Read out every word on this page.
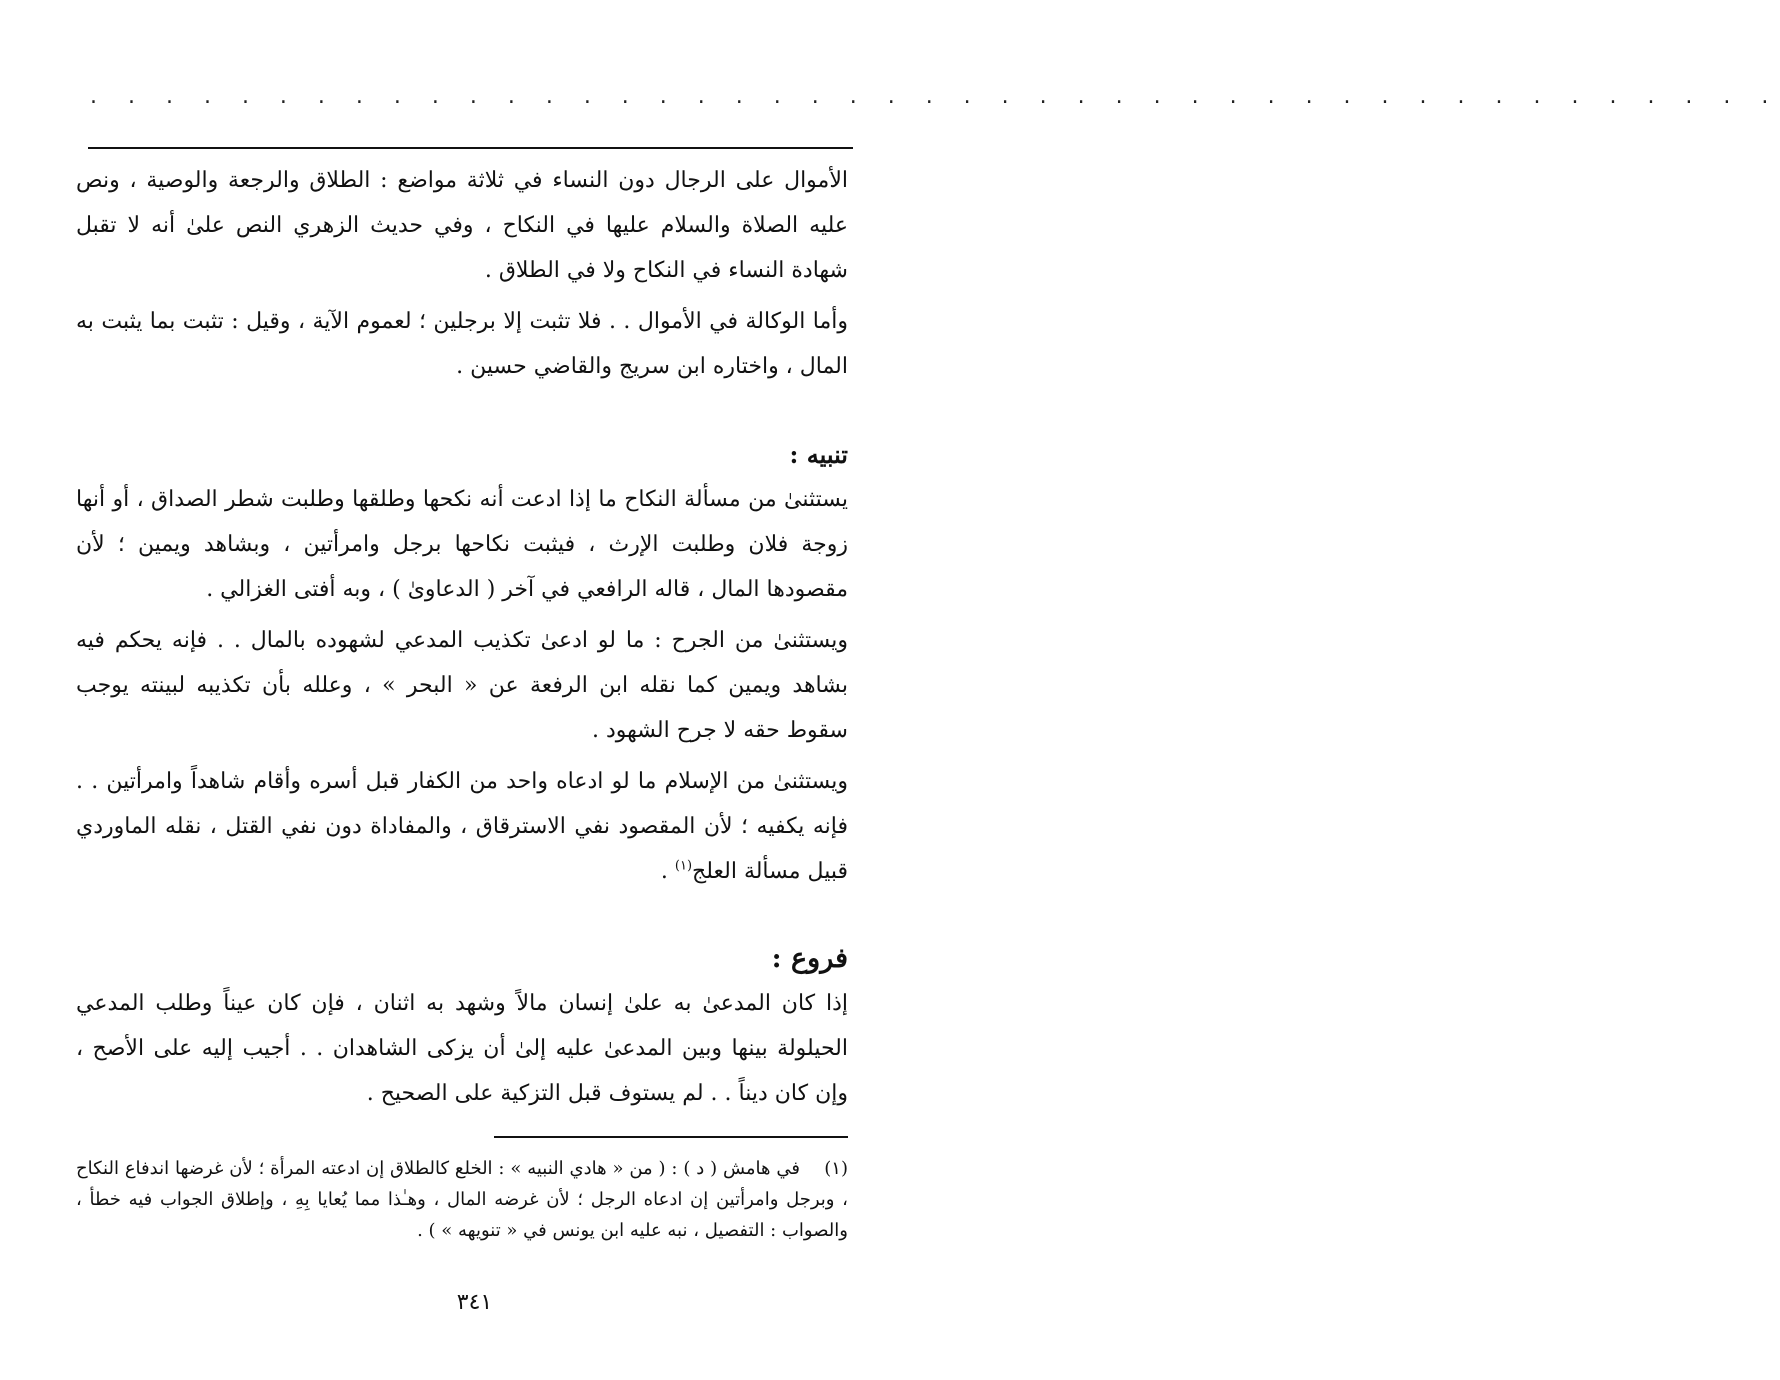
. . . . . . . . . . . . . . . . . . . . . . . . . . . . . . . . . . . . . . . . . . . . .

الأموال على الرجال دون النساء في ثلاثة مواضع : الطلاق والرجعة والوصية ، ونص عليه الصلاة والسلام عليها في النكاح ، وفي حديث الزهري النص علىٰ أنه لا تقبل شهادة النساء في النكاح ولا في الطلاق .

وأما الوكالة في الأموال . . فلا تثبت إلا برجلين ؛ لعموم الآية ، وقيل : تثبت بما يثبت به المال ، واختاره ابن سريج والقاضي حسين .

تنبيه :

يستثنىٰ من مسألة النكاح ما إذا ادعت أنه نكحها وطلقها وطلبت شطر الصداق ، أو أنها زوجة فلان وطلبت الإرث ، فيثبت نكاحها برجل وامرأتين ، وبشاهد ويمين ؛ لأن مقصودها المال ، قاله الرافعي في آخر ( الدعاوىٰ ) ، وبه أفتى الغزالي .

ويستثنىٰ من الجرح : ما لو ادعىٰ تكذيب المدعي لشهوده بالمال . . فإنه يحكم فيه بشاهد ويمين كما نقله ابن الرفعة عن « البحر » ، وعلله بأن تكذيبه لبينته يوجب سقوط حقه لا جرح الشهود .

ويستثنىٰ من الإسلام ما لو ادعاه واحد من الكفار قبل أسره وأقام شاهداً وامرأتين . . فإنه يكفيه ؛ لأن المقصود نفي الاسترقاق ، والمفاداة دون نفي القتل ، نقله الماوردي قبيل مسألة العلج$^{(١)}$ .

فروع :

إذا كان المدعىٰ به علىٰ إنسان مالاً وشهد به اثنان ، فإن كان عيناً وطلب المدعي الحيلولة بينها وبين المدعىٰ عليه إلىٰ أن يزكى الشاهدان . . أجيب إليه على الأصح ، وإن كان ديناً . . لم يستوف قبل التزكية على الصحيح .

(١)في هامش ( د ) : ( من « هادي النبيه » : الخلع كالطلاق إن ادعته المرأة ؛ لأن غرضها اندفاع النكاح ، وبرجل وامرأتين إن ادعاه الرجل ؛ لأن غرضه المال ، وهـٰذا مما يُعايا بِهِ ، وإطلاق الجواب فيه خطأ ، والصواب : التفصيل ، نبه عليه ابن يونس في « تنويهه » ) .

٣٤١
